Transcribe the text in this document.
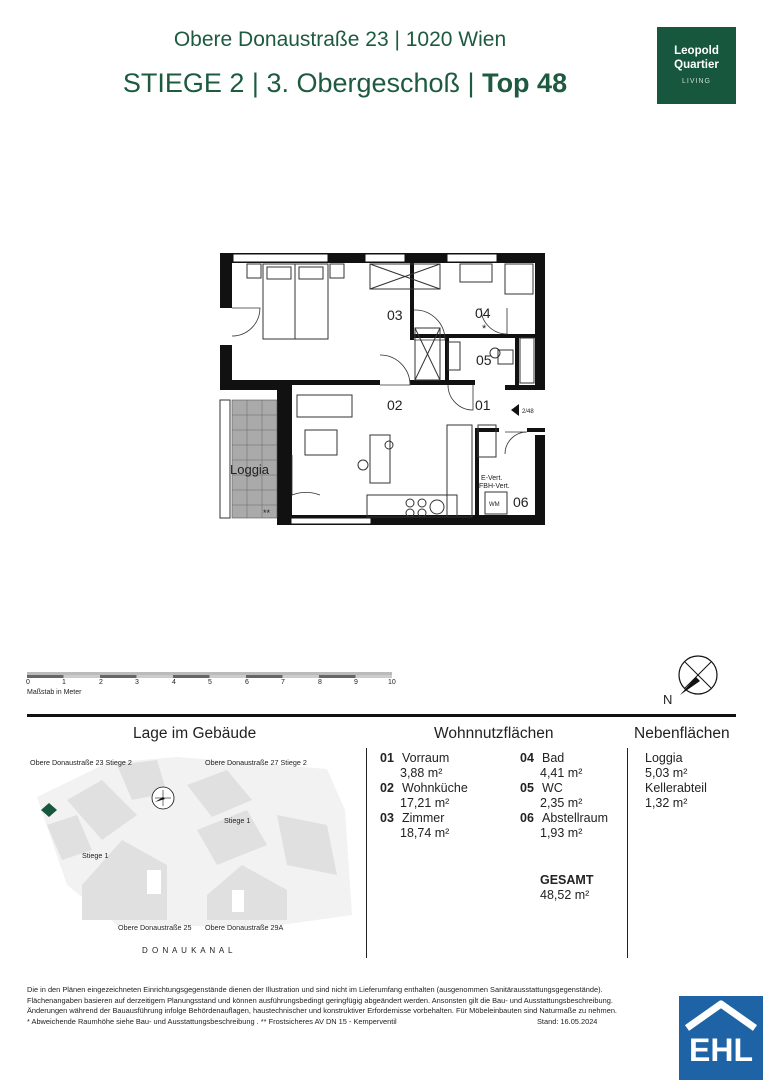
Obere Donaustraße 23 | 1020 Wien
STIEGE 2 | 3. Obergeschoß | Top 48
Leopold
Quartier
LIVING
03	04
05
02	01
06
Loggia
*
**
2/48
E-Vert.
FBH-Vert.
WM
0	1	2	3	4	5	6	7	8	9	10
Maßstab in Meter	N
Lage im Gebäude
Obere Donaustraße 23 Stiege 2	Obere Donaustraße 27 Stiege 2
Stiege 1
Stiege 1
Obere Donaustraße 25 Obere Donaustraße 29A
D O N A U K A N A L
Wohnnutzflächen
01 Vorraum
3,88 m²
02 Wohnküche
17,21 m²
03 Zimmer
18,74 m²
04 Bad
4,41 m²
05 WC
2,35 m²
06 Abstellraum
1,93 m²
GESAMT
48,52 m²
Nebenflächen
Loggia
5,03 m²
Kellerabteil
1,32 m²
Die in den Plänen eingezeichneten Einrichtungsgegenstände dienen der Illustration und sind nicht im Lieferumfang enthalten (ausgenommen Sanitärausstattungsgegenstände).
Flächenangaben basieren auf derzeitigem Planungsstand und können ausführungsbedingt geringfügig abgeändert werden. Ansonsten gilt die Bau- und Ausstattungsbeschreibung.
Änderungen während der Bauausführung infolge Behördenauflagen, haustechnischer und konstruktiver Erfordernisse vorbehalten. Für Möbeleinbauten sind Naturmaße zu nehmen.
* Abweichende Raumhöhe siehe Bau- und Ausstattungsbeschreibung . ** Frostsicheres AV DN 15 - Kemperventil	Stand: 16.05.2024
EHL
